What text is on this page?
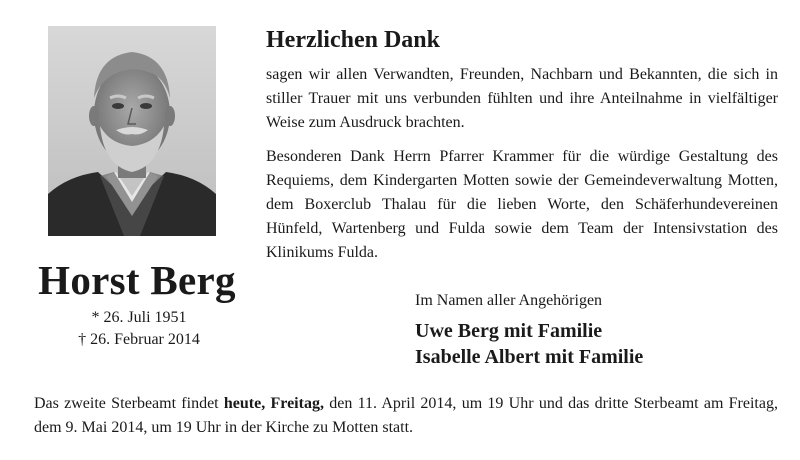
Horst Berg
* 26. Juli 1951
† 26. Februar 2014
Herzlichen Dank

sagen wir allen Verwandten, Freunden, Nachbarn und Bekannten, die sich in stiller Trauer mit uns verbunden fühlten und ihre Anteilnahme in vielfältiger Weise zum Ausdruck brachten.

Besonderen Dank Herrn Pfarrer Krammer für die würdige Gestaltung des Requiems, dem Kindergarten Motten sowie der Gemeindeverwaltung Motten, dem Boxerclub Thalau für die lieben Worte, den Schäferhundevereinen Hünfeld, Wartenberg und Fulda sowie dem Team der Intensivstation des Klinikums Fulda.

Im Namen aller Angehörigen
Uwe Berg mit Familie
Isabelle Albert mit Familie

Das zweite Sterbeamt findet heute, Freitag, den 11. April 2014, um 19 Uhr und das dritte Sterbeamt am Freitag, dem 9. Mai 2014, um 19 Uhr in der Kirche zu Motten statt.
